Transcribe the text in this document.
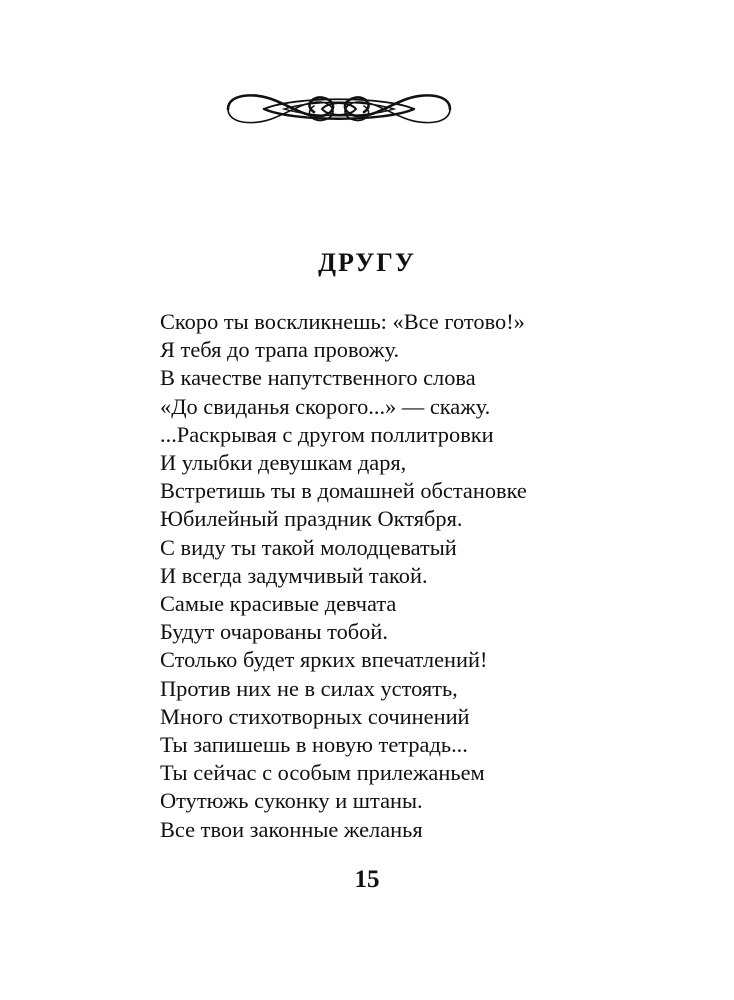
ДРУГУ
Скоро ты воскликнешь: «Все готово!»
Я тебя до трапа провожу.
В качестве напутственного слова
«До свиданья скорого...» — скажу.
...Раскрывая с другом поллитровки
И улыбки девушкам даря,
Встретишь ты в домашней обстановке
Юбилейный праздник Октября.
С виду ты такой молодцеватый
И всегда задумчивый такой.
Самые красивые девчата
Будут очарованы тобой.
Столько будет ярких впечатлений!
Против них не в силах устоять,
Много стихотворных сочинений
Ты запишешь в новую тетрадь...
Ты сейчас с особым прилежаньем
Отутюжь суконку и штаны.
Все твои законные желанья
15
